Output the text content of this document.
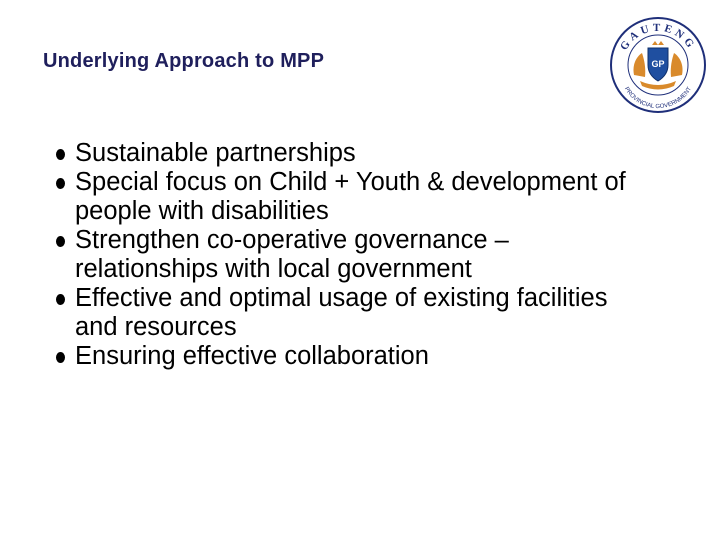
Underlying Approach to MPP
GAUTENG
PROVINCIAL GOVERNMENT
GP
Sustainable partnerships
Special focus on Child + Youth & development of people with disabilities
Strengthen co-operative governance – relationships with local government
Effective and optimal usage of existing facilities and resources
Ensuring effective collaboration
